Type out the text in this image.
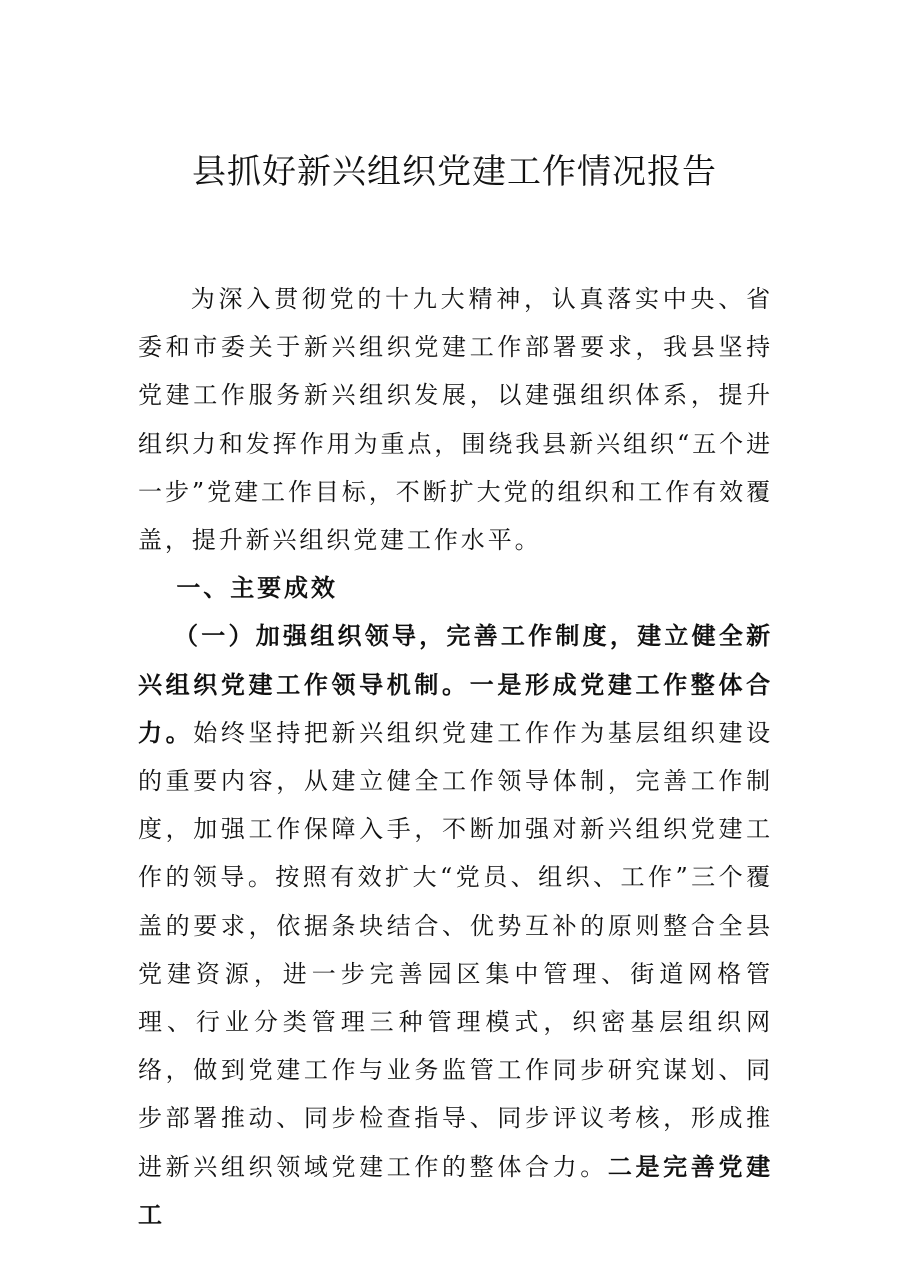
县抓好新兴组织党建工作情况报告

为深入贯彻党的十九大精神，认真落实中央、省委和市委关于新兴组织党建工作部署要求，我县坚持党建工作服务新兴组织发展，以建强组织体系，提升组织力和发挥作用为重点，围绕我县新兴组织“五个进一步”党建工作目标，不断扩大党的组织和工作有效覆盖，提升新兴组织党建工作水平。

一、主要成效

（一）加强组织领导，完善工作制度，建立健全新兴组织党建工作领导机制。一是形成党建工作整体合力。始终坚持把新兴组织党建工作作为基层组织建设的重要内容，从建立健全工作领导体制，完善工作制度，加强工作保障入手，不断加强对新兴组织党建工作的领导。按照有效扩大“党员、组织、工作”三个覆盖的要求，依据条块结合、优势互补的原则整合全县党建资源，进一步完善园区集中管理、街道网格管理、行业分类管理三种管理模式，织密基层组织网络，做到党建工作与业务监管工作同步研究谋划、同步部署推动、同步检查指导、同步评议考核，形成推进新兴组织领域党建工作的整体合力。二是完善党建工
